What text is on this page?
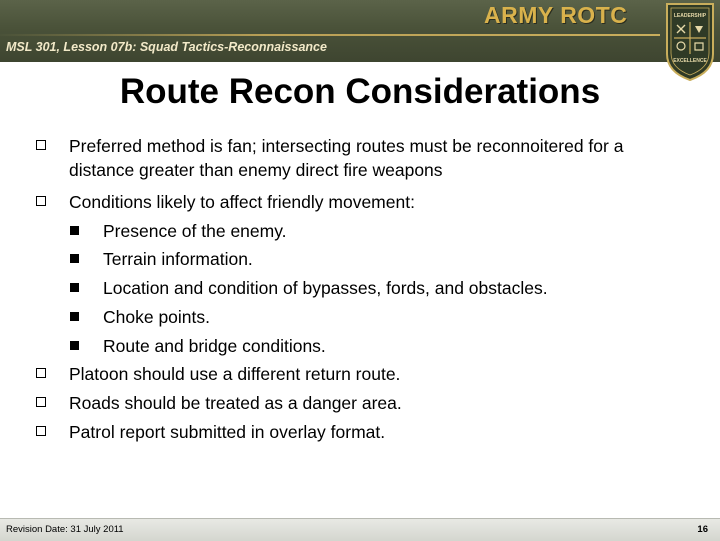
ARMY ROTC
MSL 301, Lesson 07b: Squad Tactics-Reconnaissance
LEADERSHIP
EXCELLENCE
Route Recon Considerations
Preferred method is fan; intersecting routes must be reconnoitered for a distance greater than enemy direct fire weapons
Conditions likely to affect friendly movement:
Presence of the enemy.
Terrain information.
Location and condition of bypasses, fords, and obstacles.
Choke points.
Route and bridge conditions.
Platoon should use a different return route.
Roads should be treated as a danger area.
Patrol report submitted in overlay format.
Revision Date: 31 July 2011	16
